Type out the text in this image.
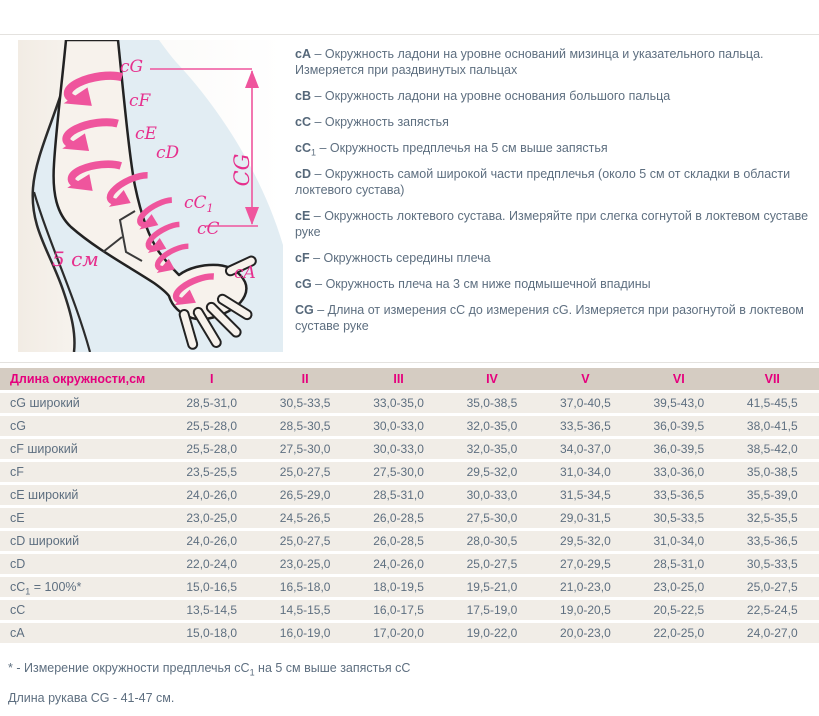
cG
cF
cE
cD
$cC_1$
cC
cA
CG
5 см

cA – Окружность ладони на уровне оснований мизинца и указательного пальца. Измеряется при раздвинутых пальцах

cB – Окружность ладони на уровне основания большого пальца

cC – Окружность запястья

$cC_1$ – Окружность предплечья на 5 см выше запястья

cD – Окружность самой широкой части предплечья (около 5 см от складки в области локтевого сустава)

cE – Окружность локтевого сустава. Измеряйте при слегка согнутой в локтевом суставе руке

cF – Окружность середины плеча

cG – Окружность плеча на 3 см ниже подмышечной впадины

CG – Длина от измерения cC до измерения cG. Измеряется при разогнутой в локтевом суставе руке

Длина окружности,см	I	II	III	IV	V	VI	VII
cG широкий	28,5-31,0	30,5-33,5	33,0-35,0	35,0-38,5	37,0-40,5	39,5-43,0	41,5-45,5
cG	25,5-28,0	28,5-30,5	30,0-33,0	32,0-35,0	33,5-36,5	36,0-39,5	38,0-41,5
cF широкий	25,5-28,0	27,5-30,0	30,0-33,0	32,0-35,0	34,0-37,0	36,0-39,5	38,5-42,0
cF	23,5-25,5	25,0-27,5	27,5-30,0	29,5-32,0	31,0-34,0	33,0-36,0	35,0-38,5
cE широкий	24,0-26,0	26,5-29,0	28,5-31,0	30,0-33,0	31,5-34,5	33,5-36,5	35,5-39,0
cE	23,0-25,0	24,5-26,5	26,0-28,5	27,5-30,0	29,0-31,5	30,5-33,5	32,5-35,5
cD широкий	24,0-26,0	25,0-27,5	26,0-28,5	28,0-30,5	29,5-32,0	31,0-34,0	33,5-36,5
cD	22,0-24,0	23,0-25,0	24,0-26,0	25,0-27,5	27,0-29,5	28,5-31,0	30,5-33,5
$cC_1 = 100\%*$	15,0-16,5	16,5-18,0	18,0-19,5	19,5-21,0	21,0-23,0	23,0-25,0	25,0-27,5
cC	13,5-14,5	14,5-15,5	16,0-17,5	17,5-19,0	19,0-20,5	20,5-22,5	22,5-24,5
cA	15,0-18,0	16,0-19,0	17,0-20,0	19,0-22,0	20,0-23,0	22,0-25,0	24,0-27,0
* - Измерение окружности предплечья $cC_1$ на 5 см выше запястья cC
Длина рукава CG - 41-47 см.
